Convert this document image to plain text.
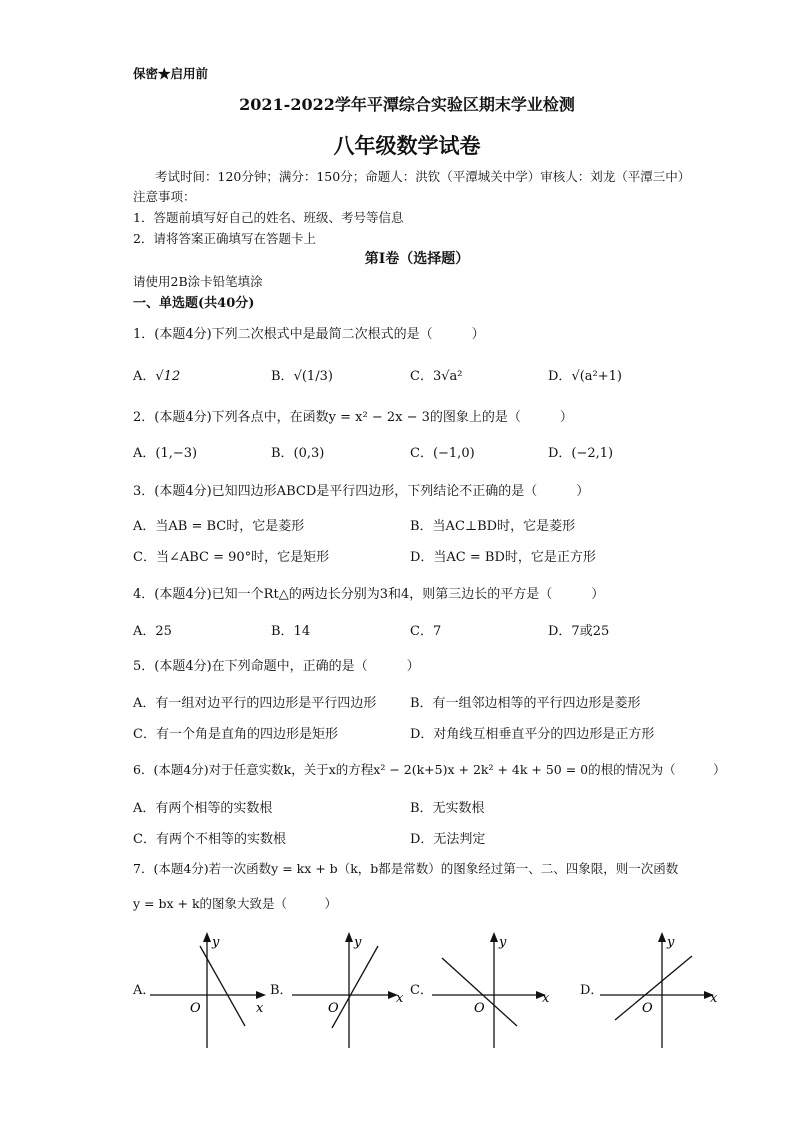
保密★启用前
2021-2022学年平潭综合实验区期末学业检测
八年级数学试卷
考试时间：120分钟；满分：150分；命题人：洪钦（平潭城关中学）审核人：刘龙（平潭三中）
注意事项：
1．答题前填写好自己的姓名、班级、考号等信息
2．请将答案正确填写在答题卡上
第I卷（选择题）
请使用2B涂卡铅笔填涂
一、单选题(共40分)
1．(本题4分)下列二次根式中是最简二次根式的是（　　　）
A．√12	B．√(1/3)	C．3√a²	D．√(a²+1)
2．(本题4分)下列各点中，在函数y = x² − 2x − 3的图象上的是（　　　）
A．(1,−3)	B．(0,3)	C．(−1,0)	D．(−2,1)
3．(本题4分)已知四边形ABCD是平行四边形，下列结论不正确的是（　　　）
A．当AB = BC时，它是菱形	B．当AC⊥BD时，它是菱形
C．当∠ABC = 90°时，它是矩形	D．当AC = BD时，它是正方形
4．(本题4分)已知一个Rt△的两边长分别为3和4，则第三边长的平方是（　　　）
A．25	B．14	C．7	D．7或25
5．(本题4分)在下列命题中，正确的是（　　　）
A．有一组对边平行的四边形是平行四边形	B．有一组邻边相等的平行四边形是菱形
C．有一个角是直角的四边形是矩形	D．对角线互相垂直平分的四边形是正方形
6．(本题4分)对于任意实数k，关于x的方程x² − 2(k+5)x + 2k² + 4k + 50 = 0的根的情况为（　　　）
A．有两个相等的实数根	B．无实数根
C．有两个不相等的实数根	D．无法判定
7．(本题4分)若一次函数y = kx + b（k，b都是常数）的图象经过第一、二、四象限，则一次函数
y = bx + k的图象大致是（　　　）
A．	B．	C．	D．
y
x
O
y
x
O
y
x
O
y
x
O
